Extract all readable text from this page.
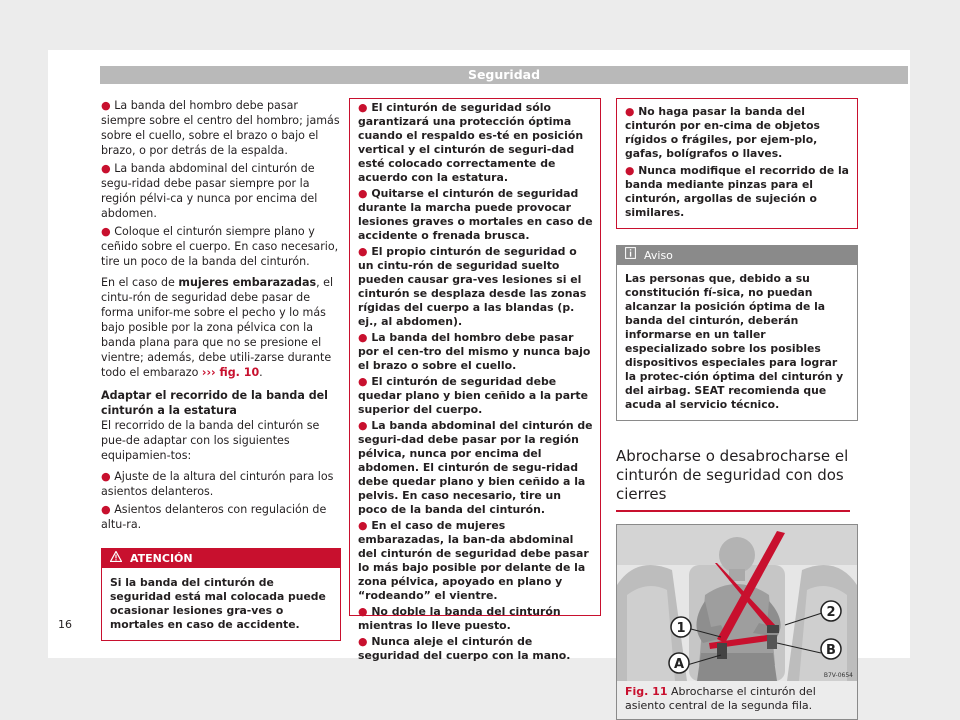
Seguridad

● La banda del hombro debe pasar siempre sobre el centro del hombro; jamás sobre el cuello, sobre el brazo o bajo el brazo, o por detrás de la espalda.

● La banda abdominal del cinturón de segu-ridad debe pasar siempre por la región pélvi-ca y nunca por encima del abdomen.

● Coloque el cinturón siempre plano y ceñido sobre el cuerpo. En caso necesario, tire un poco de la banda del cinturón.

En el caso de mujeres embarazadas, el cintu-rón de seguridad debe pasar de forma unifor-me sobre el pecho y lo más bajo posible por la zona pélvica con la banda plana para que no se presione el vientre; además, debe utili-zarse durante todo el embarazo ››› fig. 10.

Adaptar el recorrido de la banda del cinturón a la estatura

El recorrido de la banda del cinturón se pue-de adaptar con los siguientes equipamien-tos:

● Ajuste de la altura del cinturón para los asientos delanteros.

● Asientos delanteros con regulación de altu-ra.

ATENCIÓN
Si la banda del cinturón de seguridad está mal colocada puede ocasionar lesiones gra-ves o mortales en caso de accidente.

● El cinturón de seguridad sólo garantizará una protección óptima cuando el respaldo es-té en posición vertical y el cinturón de seguri-dad esté colocado correctamente de acuerdo con la estatura.

● Quitarse el cinturón de seguridad durante la marcha puede provocar lesiones graves o mortales en caso de accidente o frenada brusca.

● El propio cinturón de seguridad o un cintu-rón de seguridad suelto pueden causar gra-ves lesiones si el cinturón se desplaza desde las zonas rígidas del cuerpo a las blandas (p. ej., al abdomen).

● La banda del hombro debe pasar por el cen-tro del mismo y nunca bajo el brazo o sobre el cuello.

● El cinturón de seguridad debe quedar plano y bien ceñido a la parte superior del cuerpo.

● La banda abdominal del cinturón de seguri-dad debe pasar por la región pélvica, nunca por encima del abdomen. El cinturón de segu-ridad debe quedar plano y bien ceñido a la pelvis. En caso necesario, tire un poco de la banda del cinturón.

● En el caso de mujeres embarazadas, la ban-da abdominal del cinturón de seguridad debe pasar lo más bajo posible por delante de la zona pélvica, apoyado en plano y “rodeando” el vientre.

● No doble la banda del cinturón mientras lo lleve puesto.

● Nunca aleje el cinturón de seguridad del cuerpo con la mano.

● No haga pasar la banda del cinturón por en-cima de objetos rígidos o frágiles, por ejem-plo, gafas, bolígrafos o llaves.

● Nunca modifique el recorrido de la banda mediante pinzas para el cinturón, argollas de sujeción o similares.

Aviso
Las personas que, debido a su constitución fí-sica, no puedan alcanzar la posición óptima de la banda del cinturón, deberán informarse en un taller especializado sobre los posibles dispositivos especiales para lograr la protec-ción óptima del cinturón y del airbag. SEAT recomienda que acuda al servicio técnico.
Abrocharse o desabrocharse el cinturón de seguridad con dos cierres
2
1
B
A
B7V-0654
Fig. 11 Abrocharse el cinturón del asiento central de la segunda fila.
16
